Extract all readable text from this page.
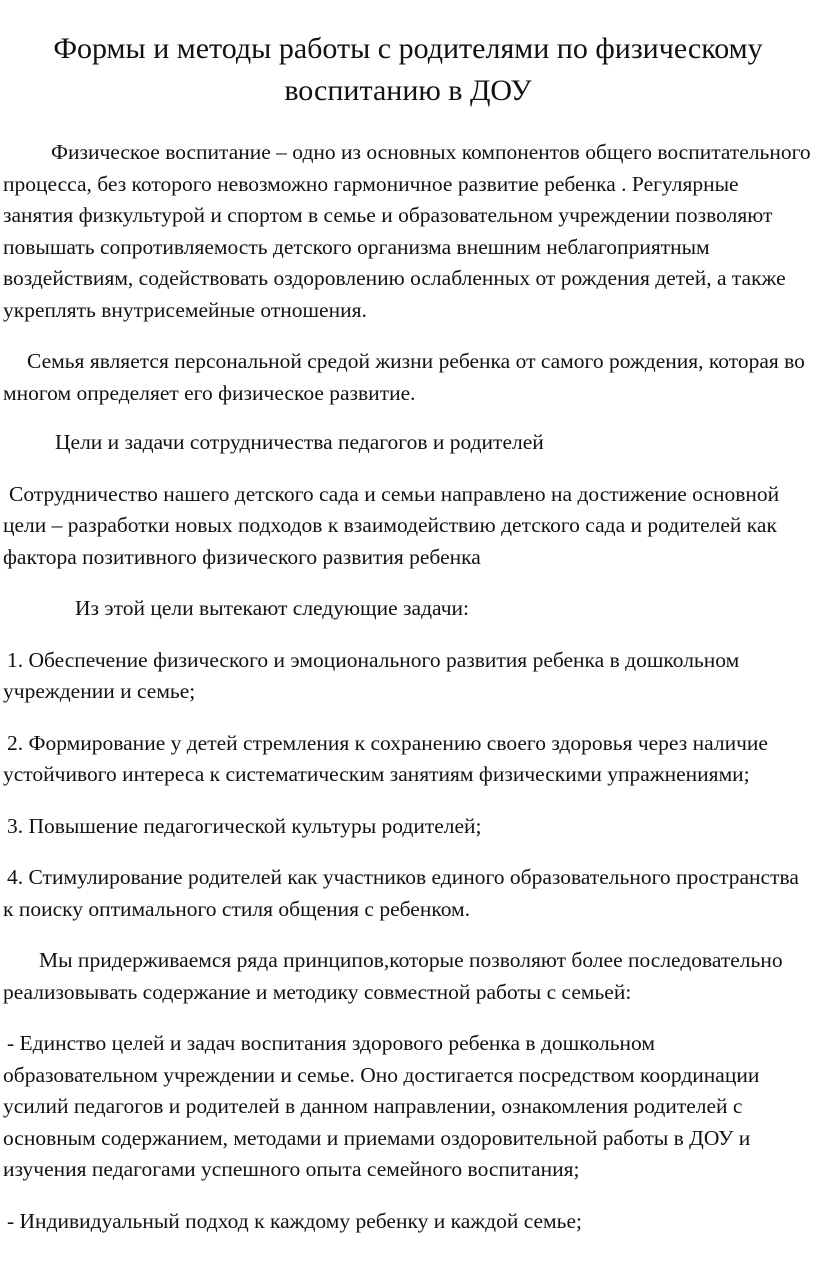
Формы и методы работы с родителями по физическому воспитанию в ДОУ

Физическое воспитание – одно из основных компонентов общего воспитательного процесса, без которого невозможно гармоничное развитие ребенка . Регулярные занятия физкультурой и спортом в семье и образовательном учреждении позволяют повышать сопротивляемость детского организма внешним неблагоприятным воздействиям, содействовать оздоровлению ослабленных от рождения детей, а также укреплять внутрисемейные отношения.

Семья является персональной средой жизни ребенка от самого рождения, которая во многом определяет его физическое развитие.

Цели и задачи сотрудничества педагогов и родителей

Сотрудничество нашего детского сада и семьи направлено на достижение основной цели – разработки новых подходов к взаимодействию детского сада и родителей как фактора позитивного физического развития ребенка

Из этой цели вытекают следующие задачи:

1. Обеспечение физического и эмоционального развития ребенка в дошкольном учреждении и семье;

2. Формирование у детей стремления к сохранению своего здоровья через наличие устойчивого интереса к систематическим занятиям физическими упражнениями;

3. Повышение педагогической культуры родителей;

4. Стимулирование родителей как участников единого образовательного пространства к поиску оптимального стиля общения с ребенком.

Мы придерживаемся ряда принципов,которые позволяют более последовательно реализовывать содержание и методику совместной работы с семьей:

- Единство целей и задач воспитания здорового ребенка в дошкольном образовательном учреждении и семье. Оно достигается посредством координации усилий педагогов и родителей в данном направлении, ознакомления родителей с основным содержанием, методами и приемами оздоровительной работы в ДОУ и изучения педагогами успешного опыта семейного воспитания;

- Индивидуальный подход к каждому ребенку и каждой семье;
